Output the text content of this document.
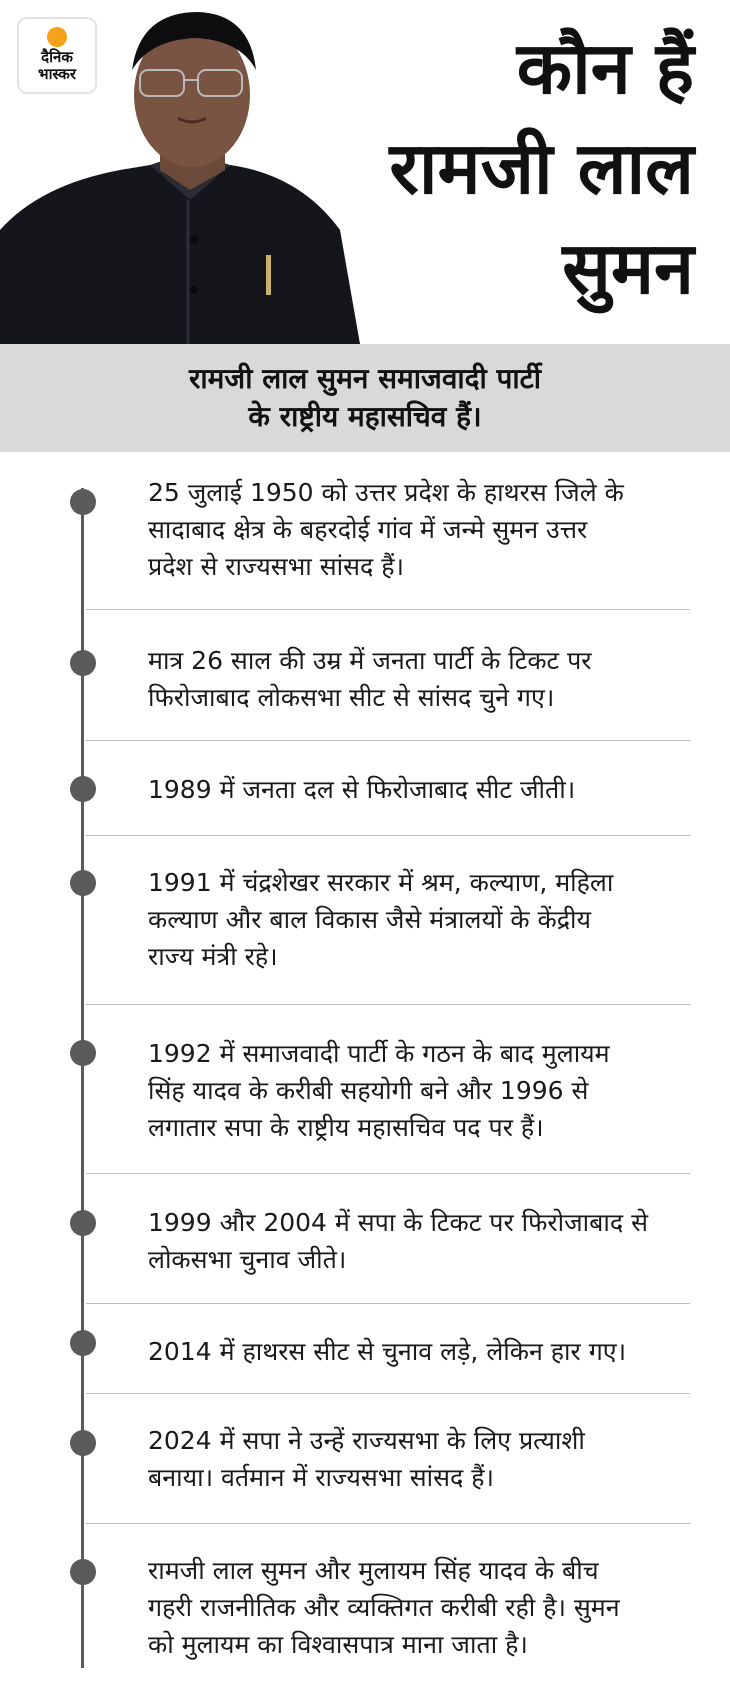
दैनिक
भास्कर	कौन हैं
रामजी लाल
सुमन
रामजी लाल सुमन समाजवादी पार्टी
के राष्ट्रीय महासचिव हैं।
25 जुलाई 1950 को उत्तर प्रदेश के हाथरस जिले के
सादाबाद क्षेत्र के बहरदोई गांव में जन्मे सुमन उत्तर
प्रदेश से राज्यसभा सांसद हैं।
मात्र 26 साल की उम्र में जनता पार्टी के टिकट पर
फिरोजाबाद लोकसभा सीट से सांसद चुने गए।
1989 में जनता दल से फिरोजाबाद सीट जीती।
1991 में चंद्रशेखर सरकार में श्रम, कल्याण, महिला
कल्याण और बाल विकास जैसे मंत्रालयों के केंद्रीय
राज्य मंत्री रहे।
1992 में समाजवादी पार्टी के गठन के बाद मुलायम
सिंह यादव के करीबी सहयोगी बने और 1996 से
लगातार सपा के राष्ट्रीय महासचिव पद पर हैं।
1999 और 2004 में सपा के टिकट पर फिरोजाबाद से
लोकसभा चुनाव जीते।
2014 में हाथरस सीट से चुनाव लड़े, लेकिन हार गए।
2024 में सपा ने उन्हें राज्यसभा के लिए प्रत्याशी
बनाया। वर्तमान में राज्यसभा सांसद हैं।
रामजी लाल सुमन और मुलायम सिंह यादव के बीच
गहरी राजनीतिक और व्यक्तिगत करीबी रही है। सुमन
को मुलायम का विश्वासपात्र माना जाता है।
